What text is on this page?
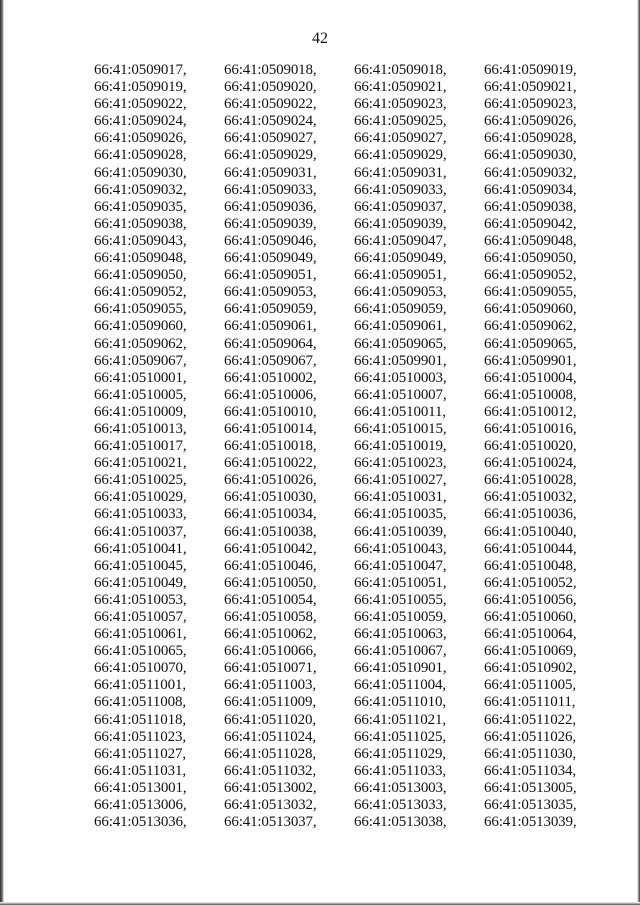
42
66:41:0509017,	66:41:0509018,	66:41:0509018,	66:41:0509019,
66:41:0509019,	66:41:0509020,	66:41:0509021,	66:41:0509021,
66:41:0509022,	66:41:0509022,	66:41:0509023,	66:41:0509023,
66:41:0509024,	66:41:0509024,	66:41:0509025,	66:41:0509026,
66:41:0509026,	66:41:0509027,	66:41:0509027,	66:41:0509028,
66:41:0509028,	66:41:0509029,	66:41:0509029,	66:41:0509030,
66:41:0509030,	66:41:0509031,	66:41:0509031,	66:41:0509032,
66:41:0509032,	66:41:0509033,	66:41:0509033,	66:41:0509034,
66:41:0509035,	66:41:0509036,	66:41:0509037,	66:41:0509038,
66:41:0509038,	66:41:0509039,	66:41:0509039,	66:41:0509042,
66:41:0509043,	66:41:0509046,	66:41:0509047,	66:41:0509048,
66:41:0509048,	66:41:0509049,	66:41:0509049,	66:41:0509050,
66:41:0509050,	66:41:0509051,	66:41:0509051,	66:41:0509052,
66:41:0509052,	66:41:0509053,	66:41:0509053,	66:41:0509055,
66:41:0509055,	66:41:0509059,	66:41:0509059,	66:41:0509060,
66:41:0509060,	66:41:0509061,	66:41:0509061,	66:41:0509062,
66:41:0509062,	66:41:0509064,	66:41:0509065,	66:41:0509065,
66:41:0509067,	66:41:0509067,	66:41:0509901,	66:41:0509901,
66:41:0510001,	66:41:0510002,	66:41:0510003,	66:41:0510004,
66:41:0510005,	66:41:0510006,	66:41:0510007,	66:41:0510008,
66:41:0510009,	66:41:0510010,	66:41:0510011,	66:41:0510012,
66:41:0510013,	66:41:0510014,	66:41:0510015,	66:41:0510016,
66:41:0510017,	66:41:0510018,	66:41:0510019,	66:41:0510020,
66:41:0510021,	66:41:0510022,	66:41:0510023,	66:41:0510024,
66:41:0510025,	66:41:0510026,	66:41:0510027,	66:41:0510028,
66:41:0510029,	66:41:0510030,	66:41:0510031,	66:41:0510032,
66:41:0510033,	66:41:0510034,	66:41:0510035,	66:41:0510036,
66:41:0510037,	66:41:0510038,	66:41:0510039,	66:41:0510040,
66:41:0510041,	66:41:0510042,	66:41:0510043,	66:41:0510044,
66:41:0510045,	66:41:0510046,	66:41:0510047,	66:41:0510048,
66:41:0510049,	66:41:0510050,	66:41:0510051,	66:41:0510052,
66:41:0510053,	66:41:0510054,	66:41:0510055,	66:41:0510056,
66:41:0510057,	66:41:0510058,	66:41:0510059,	66:41:0510060,
66:41:0510061,	66:41:0510062,	66:41:0510063,	66:41:0510064,
66:41:0510065,	66:41:0510066,	66:41:0510067,	66:41:0510069,
66:41:0510070,	66:41:0510071,	66:41:0510901,	66:41:0510902,
66:41:0511001,	66:41:0511003,	66:41:0511004,	66:41:0511005,
66:41:0511008,	66:41:0511009,	66:41:0511010,	66:41:0511011,
66:41:0511018,	66:41:0511020,	66:41:0511021,	66:41:0511022,
66:41:0511023,	66:41:0511024,	66:41:0511025,	66:41:0511026,
66:41:0511027,	66:41:0511028,	66:41:0511029,	66:41:0511030,
66:41:0511031,	66:41:0511032,	66:41:0511033,	66:41:0511034,
66:41:0513001,	66:41:0513002,	66:41:0513003,	66:41:0513005,
66:41:0513006,	66:41:0513032,	66:41:0513033,	66:41:0513035,
66:41:0513036,	66:41:0513037,	66:41:0513038,	66:41:0513039,
